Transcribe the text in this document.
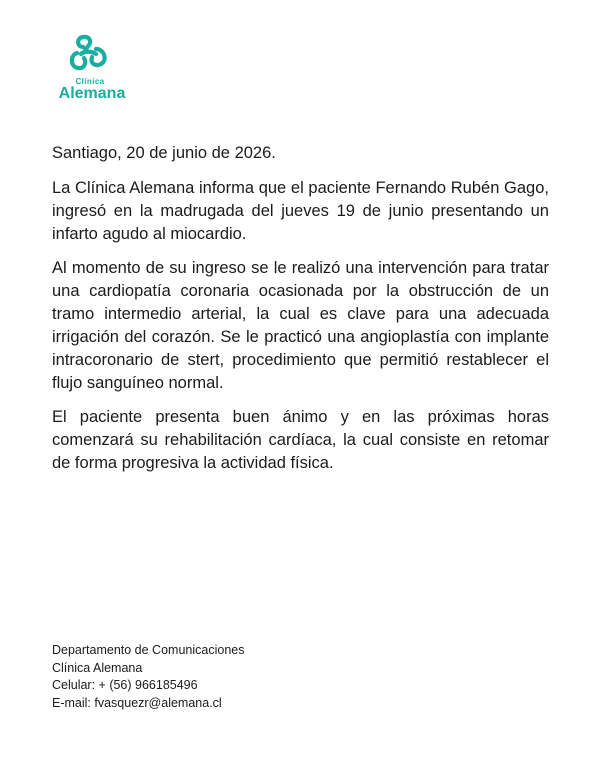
Clínica
Alemana

Santiago, 20 de junio de 2026.

La Clínica Alemana informa que el paciente Fernando Rubén Gago, ingresó en la madrugada del jueves 19 de junio presentando un infarto agudo al miocardio.

Al momento de su ingreso se le realizó una intervención para tratar una cardiopatía coronaria ocasionada por la obstrucción de un tramo intermedio arterial, la cual es clave para una adecuada irrigación del corazón. Se le practicó una angioplastía con implante intracoronario de stert, procedimiento que permitió restablecer el flujo sanguíneo normal.

El paciente presenta buen ánimo y en las próximas horas comenzará su rehabilitación cardíaca, la cual consiste en retomar de forma progresiva la actividad física.

Departamento de Comunicaciones
Clínica Alemana
Celular: + (56) 966185496
E-mail: fvasquezr@alemana.cl
